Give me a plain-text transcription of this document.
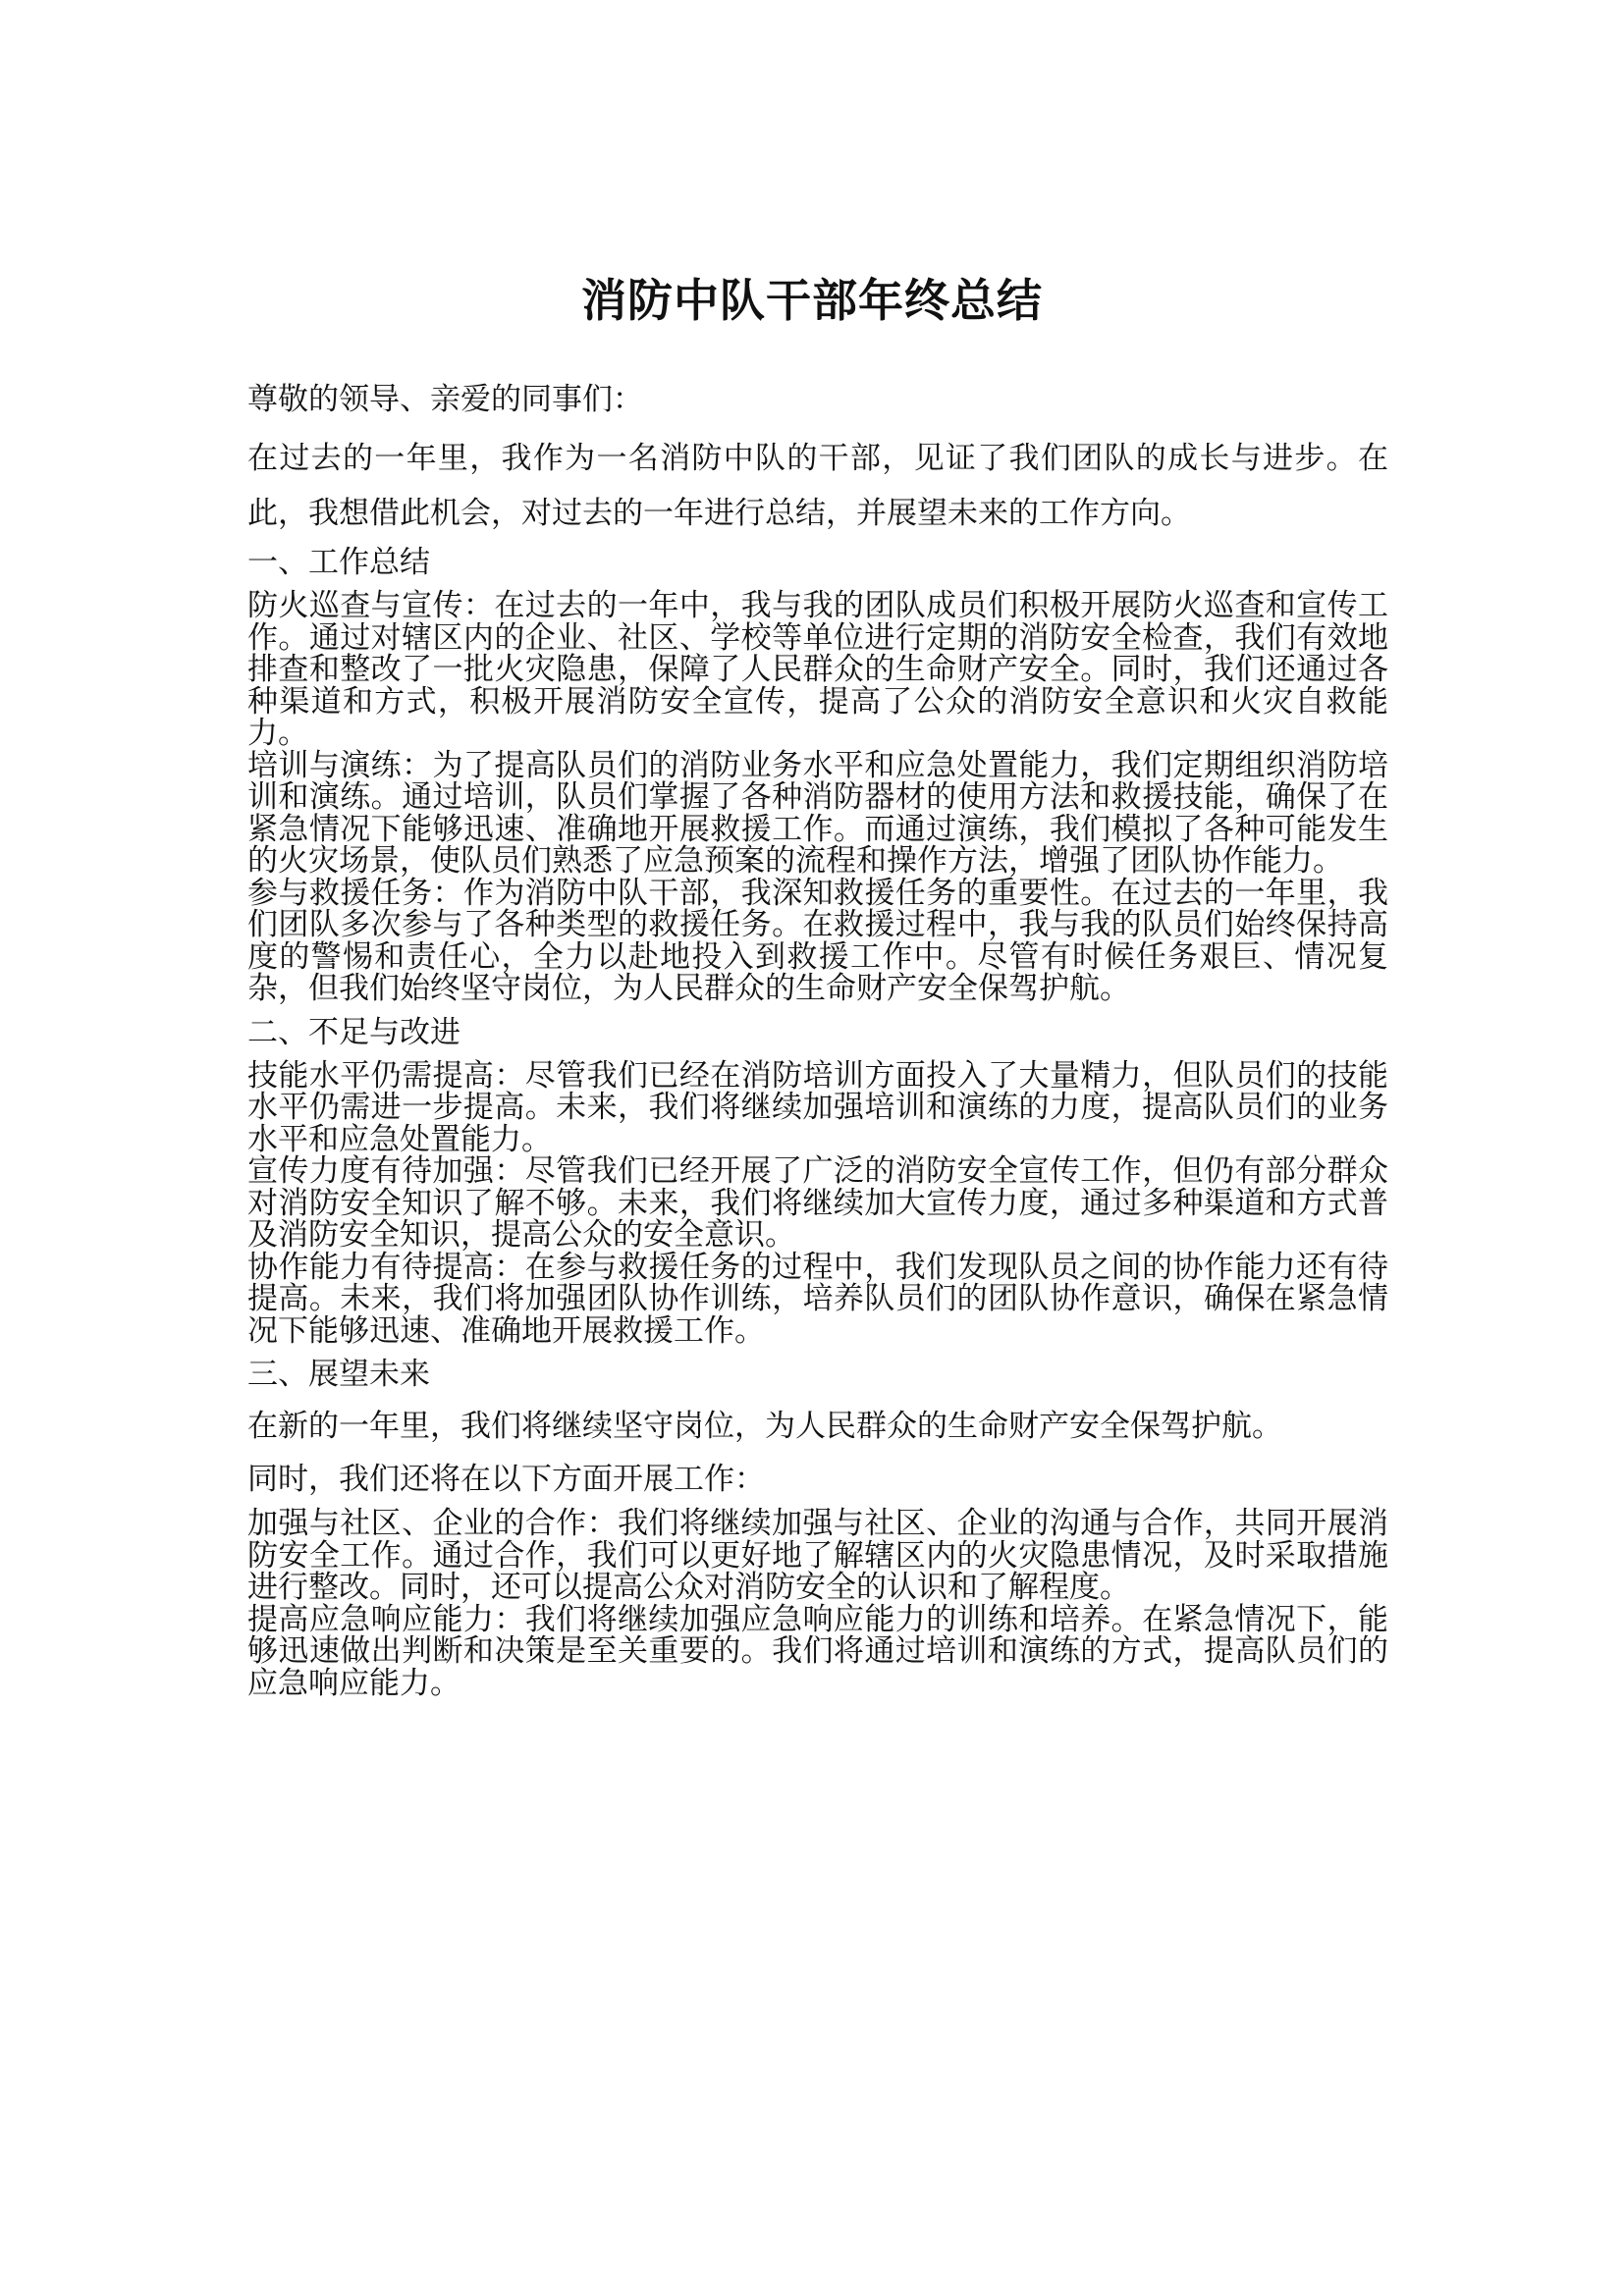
消防中队干部年终总结

尊敬的领导、亲爱的同事们：

在过去的一年里，我作为一名消防中队的干部，见证了我们团队的成长与进步。在此，我想借此机会，对过去的一年进行总结，并展望未来的工作方向。

一、工作总结

防火巡查与宣传：在过去的一年中，我与我的团队成员们积极开展防火巡查和宣传工作。通过对辖区内的企业、社区、学校等单位进行定期的消防安全检查，我们有效地排查和整改了一批火灾隐患，保障了人民群众的生命财产安全。同时，我们还通过各种渠道和方式，积极开展消防安全宣传，提高了公众的消防安全意识和火灾自救能力。

培训与演练：为了提高队员们的消防业务水平和应急处置能力，我们定期组织消防培训和演练。通过培训，队员们掌握了各种消防器材的使用方法和救援技能，确保了在紧急情况下能够迅速、准确地开展救援工作。而通过演练，我们模拟了各种可能发生的火灾场景，使队员们熟悉了应急预案的流程和操作方法，增强了团队协作能力。

参与救援任务：作为消防中队干部，我深知救援任务的重要性。在过去的一年里，我们团队多次参与了各种类型的救援任务。在救援过程中，我与我的队员们始终保持高度的警惕和责任心，全力以赴地投入到救援工作中。尽管有时候任务艰巨、情况复杂，但我们始终坚守岗位，为人民群众的生命财产安全保驾护航。

二、不足与改进

技能水平仍需提高：尽管我们已经在消防培训方面投入了大量精力，但队员们的技能水平仍需进一步提高。未来，我们将继续加强培训和演练的力度，提高队员们的业务水平和应急处置能力。

宣传力度有待加强：尽管我们已经开展了广泛的消防安全宣传工作，但仍有部分群众对消防安全知识了解不够。未来，我们将继续加大宣传力度，通过多种渠道和方式普及消防安全知识，提高公众的安全意识。

协作能力有待提高：在参与救援任务的过程中，我们发现队员之间的协作能力还有待提高。未来，我们将加强团队协作训练，培养队员们的团队协作意识，确保在紧急情况下能够迅速、准确地开展救援工作。

三、展望未来

在新的一年里，我们将继续坚守岗位，为人民群众的生命财产安全保驾护航。

同时，我们还将在以下方面开展工作：

加强与社区、企业的合作：我们将继续加强与社区、企业的沟通与合作，共同开展消防安全工作。通过合作，我们可以更好地了解辖区内的火灾隐患情况，及时采取措施进行整改。同时，还可以提高公众对消防安全的认识和了解程度。

提高应急响应能力：我们将继续加强应急响应能力的训练和培养。在紧急情况下，能够迅速做出判断和决策是至关重要的。我们将通过培训和演练的方式，提高队员们的应急响应能力。
